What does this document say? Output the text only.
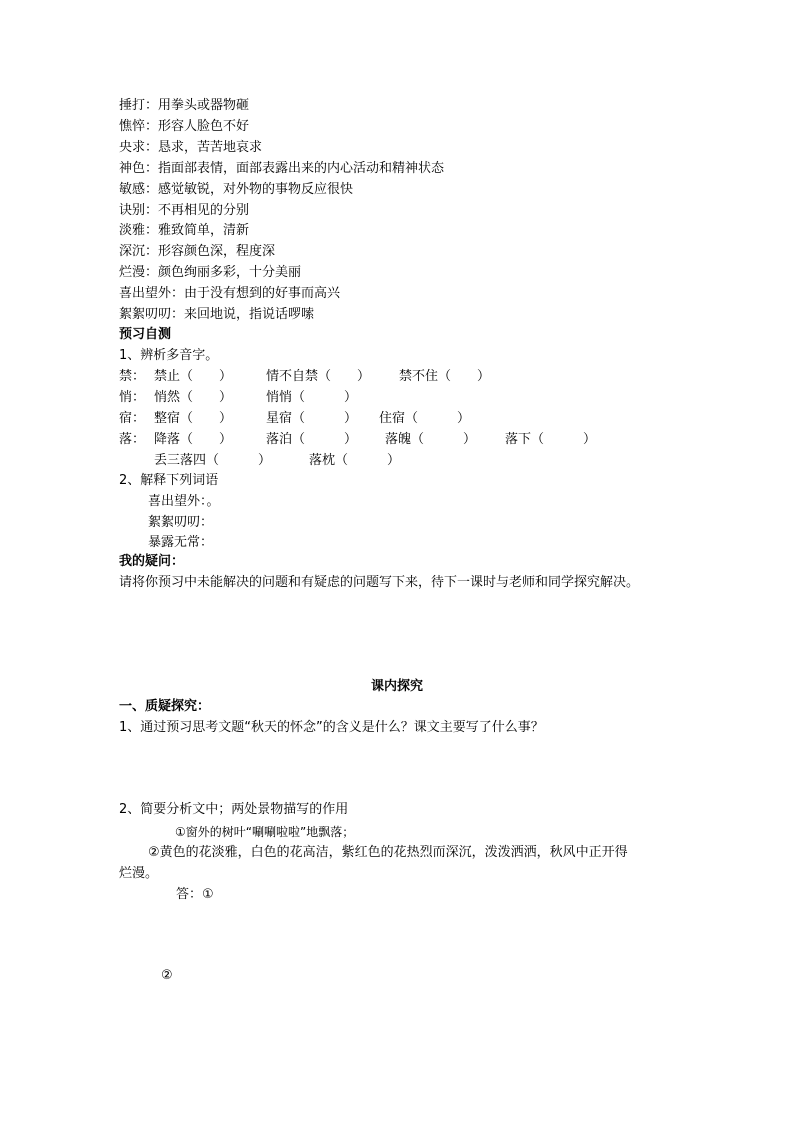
捶打：用拳头或器物砸
憔悴：形容人脸色不好
央求：恳求，苦苦地哀求
神色：指面部表情，面部表露出来的内心活动和精神状态
敏感：感觉敏锐，对外物的事物反应很快
诀别：不再相见的分别
淡雅：雅致简单，清新
深沉：形容颜色深，程度深
烂漫：颜色绚丽多彩，十分美丽
喜出望外：由于没有想到的好事而高兴
絮絮叨叨：来回地说，指说话啰嗦
预习自测
1、辨析多音字。
禁： 禁止（　　）	情不自禁（　　） 禁不住（　　）
悄： 悄然（　　）	悄悄（　　　）
宿： 整宿（　　）	星宿（　　　） 住宿（　　　）
落： 降落（　　）	落泊（　　　） 落魄（　　　） 落下（　　　）
丢三落四（　　　）	落枕（　　　）
2、解释下列词语
喜出望外：。
絮絮叨叨：
暴露无常：
我的疑问：
请将你预习中未能解决的问题和有疑虑的问题写下来，待下一课时与老师和同学探究解决。
课内探究
一、质疑探究：
1、通过预习思考文题“秋天的怀念”的含义是什么？课文主要写了什么事？
2、简要分析文中；两处景物描写的作用
①窗外的树叶“唰唰啦啦”地飘落；
②黄色的花淡雅，白色的花高洁，紫红色的花热烈而深沉，泼泼洒洒，秋风中正开得
烂漫。
答：①
②
